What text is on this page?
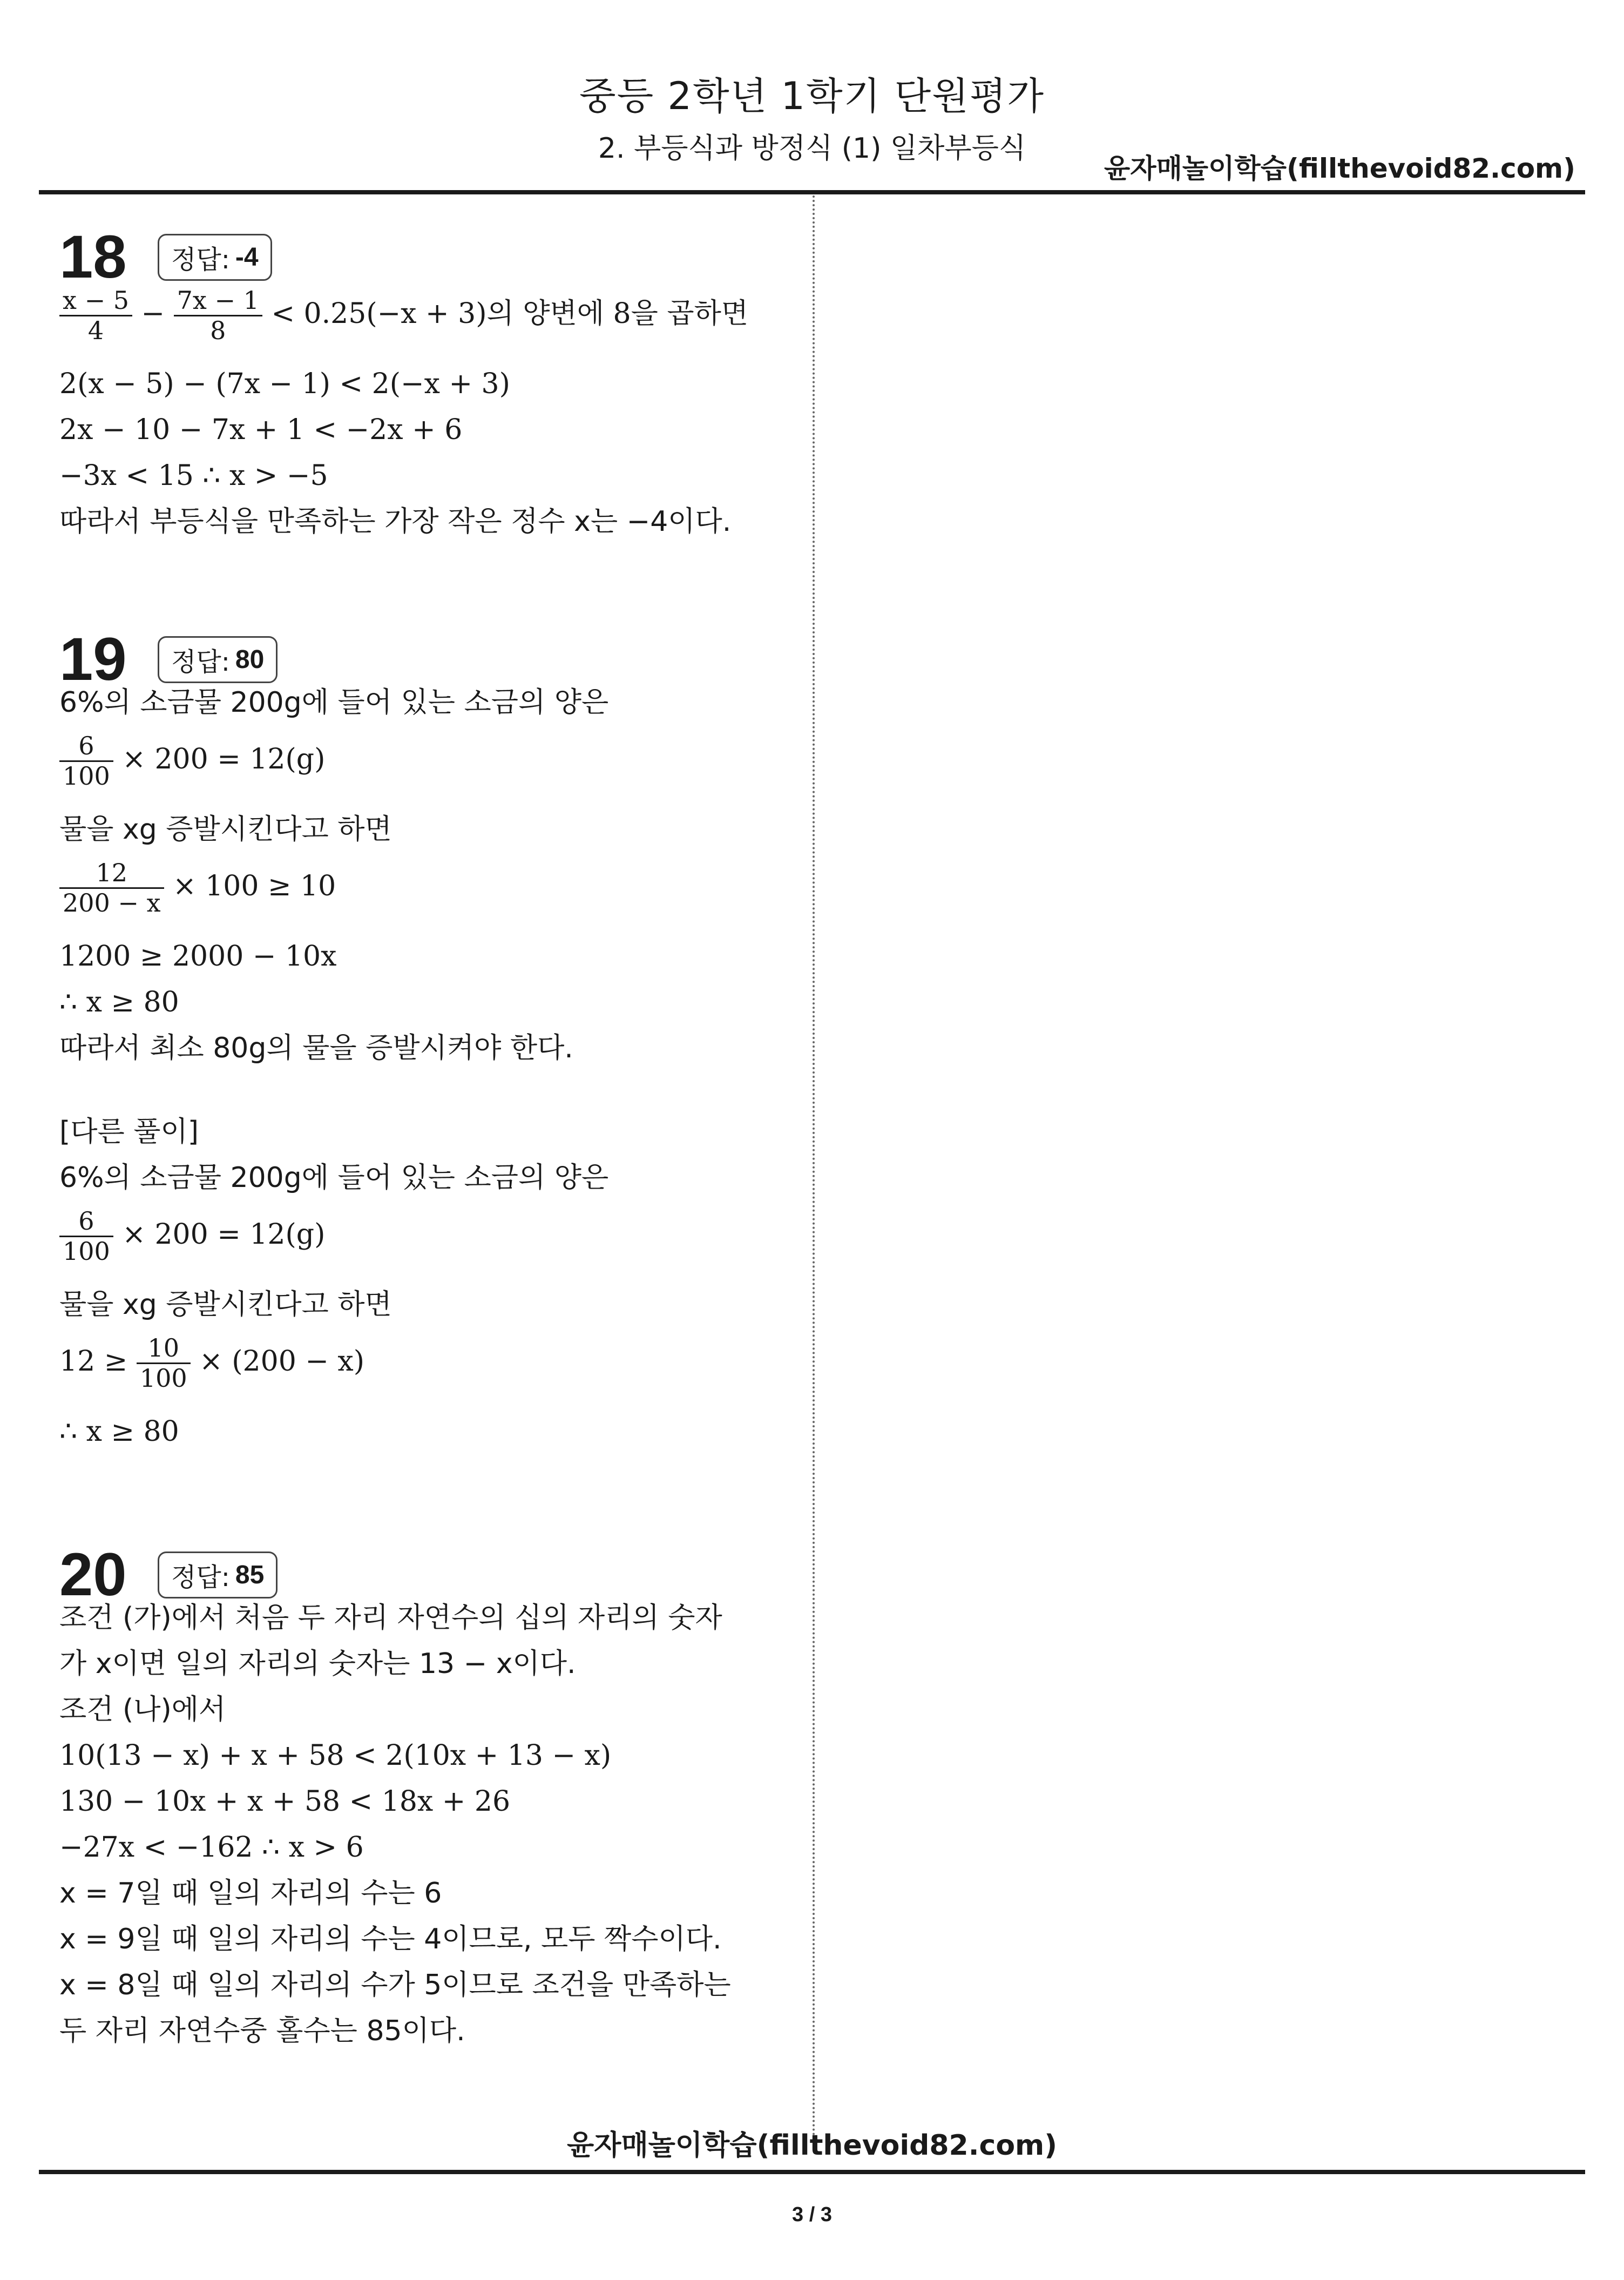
중등 2학년 1학기 단원평가
2. 부등식과 방정식 (1) 일차부등식
윤자매놀이학습(fillthevoid82.com)
18	정답: -4
$\frac{x - 5}{4} - \frac{7x - 1}{8} < 0.25(-x + 3)$의 양변에 8을 곱하면
2(x − 5) − (7x − 1) < 2(−x + 3)
2x − 10 − 7x + 1 < −2x + 6
−3x < 15 ∴ x > −5
따라서 부등식을 만족하는 가장 작은 정수 x는 −4이다.
19	정답: 80
6%의 소금물 200g에 들어 있는 소금의 양은
$\frac{6}{100} \times 200 = 12(g)$
물을 xg 증발시킨다고 하면
$\frac{12}{200 - x} \times 100 \ge 10$
1200 ≥ 2000 − 10x
∴ x ≥ 80
따라서 최소 80g의 물을 증발시켜야 한다.
[다른 풀이]
6%의 소금물 200g에 들어 있는 소금의 양은
$\frac{6}{100} \times 200 = 12(g)$
물을 xg 증발시킨다고 하면
$12 \ge \frac{10}{100} \times (200 - x)$
∴ x ≥ 80
20	정답: 85
조건 (가)에서 처음 두 자리 자연수의 십의 자리의 숫자
가 x이면 일의 자리의 숫자는 13 − x이다.
조건 (나)에서
10(13 − x) + x + 58 < 2(10x + 13 − x)
130 − 10x + x + 58 < 18x + 26
−27x < −162 ∴ x > 6
x = 7일 때 일의 자리의 수는 6
x = 9일 때 일의 자리의 수는 4이므로, 모두 짝수이다.
x = 8일 때 일의 자리의 수가 5이므로 조건을 만족하는
두 자리 자연수중 홀수는 85이다.
윤자매놀이학습(fillthevoid82.com)
3 / 3
